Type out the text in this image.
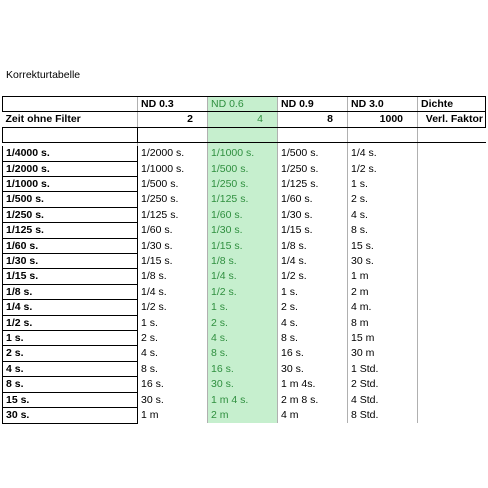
Korrekturtabelle
	ND 0.3	ND 0.6	ND 0.9	ND 3.0	Dichte
Zeit ohne Filter	2	4	8	1000	Verl. Faktor

1/4000 s.	1/2000 s.	1/1000 s.	1/500 s.	1/4 s.	
1/2000 s.	1/1000 s.	1/500 s.	1/250 s.	1/2 s.	
1/1000 s.	1/500 s.	1/250 s.	1/125 s.	1 s.	
1/500 s.	1/250 s.	1/125 s.	1/60 s.	2 s.	
1/250 s.	1/125 s.	1/60 s.	1/30 s.	4 s.	
1/125 s.	1/60 s.	1/30 s.	1/15 s.	8 s.	
1/60 s.	1/30 s.	1/15 s.	1/8 s.	15 s.	
1/30 s.	1/15 s.	1/8 s.	1/4 s.	30 s.	
1/15 s.	1/8 s.	1/4 s.	1/2 s.	1 m	
1/8 s.	1/4 s.	1/2 s.	1 s.	2 m	
1/4 s.	1/2 s.	1 s.	2 s.	4 m.	
1/2 s.	1 s.	2 s.	4 s.	8 m	
1 s.	2 s.	4 s.	8 s.	15 m	
2 s.	4 s.	8 s.	16 s.	30 m	
4 s.	8 s.	16 s.	30 s.	1 Std.	
8 s.	16 s.	30 s.	1 m 4s.	2 Std.	
15 s.	30 s.	1 m 4 s.	2 m 8 s.	4 Std.	
30 s.	1 m	2 m	4 m	8 Std.	
